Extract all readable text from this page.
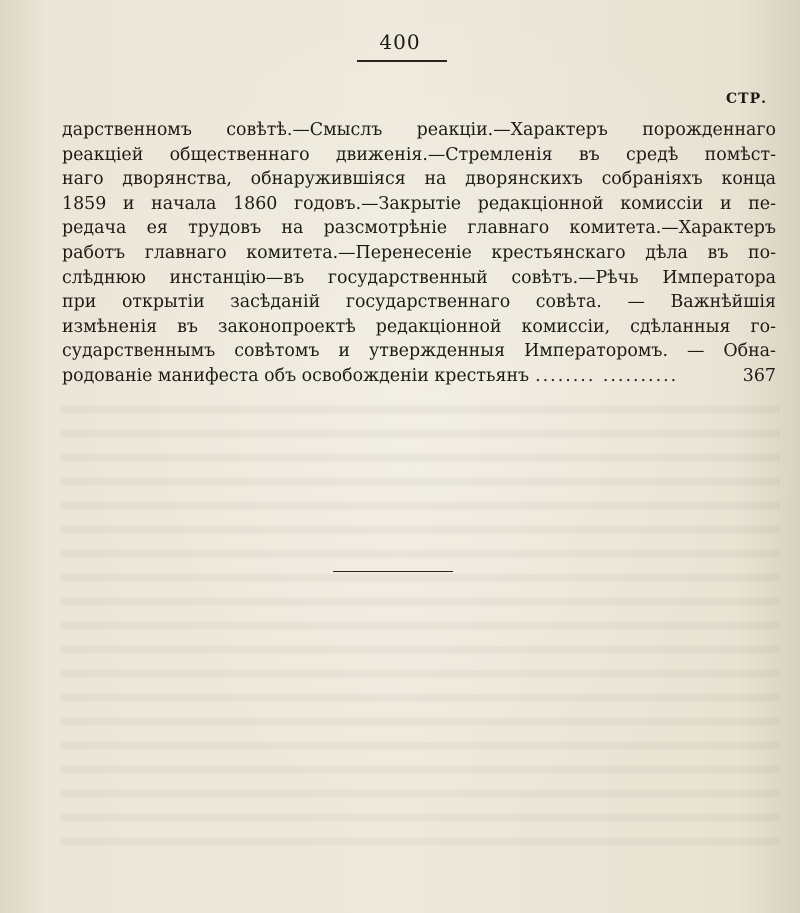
400
СТР.
дарственномъ совѣтѣ.—Смыслъ реакціи.—Характеръ порожденнаго
реакціей общественнаго движенія.—Стремленія въ средѣ помѣст-
наго дворянства, обнаружившіяся на дворянскихъ собраніяхъ конца
1859 и начала 1860 годовъ.—Закрытіе редакціонной комиссіи и пе-
редача ея трудовъ на разсмотрѣніе главнаго комитета.—Характеръ
работъ главнаго комитета.—Перенесеніе крестьянскаго дѣла въ по-
слѣднюю инстанцію—въ государственный совѣтъ.—Рѣчь Императора
при открытіи засѣданій государственнаго совѣта. — Важнѣйшія
измѣненія въ законопроектѣ редакціонной комиссіи, сдѣланныя го-
сударственнымъ совѣтомъ и утвержденныя Императоромъ. — Обна-
родованіе манифеста объ освобожденіи крестьянъ ........ ..........	367
